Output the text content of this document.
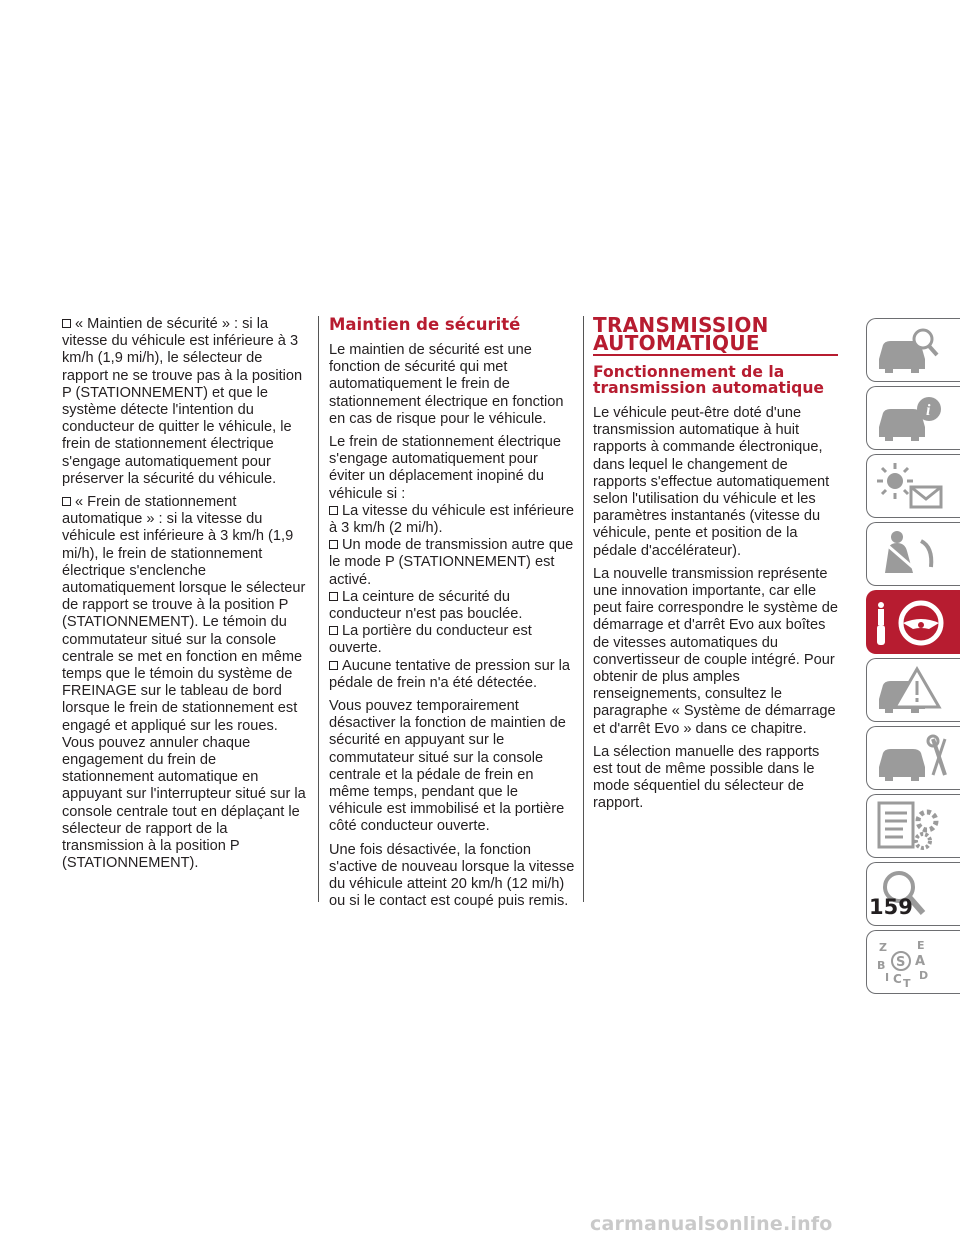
« Maintien de sécurité » : si la vitesse du véhicule est inférieure à 3 km/h (1,9 mi/h), le sélecteur de rapport ne se trouve pas à la position P (STATIONNEMENT) et que le système détecte l'intention du conducteur de quitter le véhicule, le frein de stationnement électrique s'engage automatiquement pour préserver la sécurité du véhicule.

« Frein de stationnement automatique » : si la vitesse du véhicule est inférieure à 3 km/h (1,9 mi/h), le frein de stationnement électrique s'enclenche automatiquement lorsque le sélecteur de rapport se trouve à la position P (STATIONNEMENT). Le témoin du commutateur situé sur la console centrale se met en fonction en même temps que le témoin du système de FREINAGE sur le tableau de bord lorsque le frein de stationnement est engagé et appliqué sur les roues. Vous pouvez annuler chaque engagement du frein de stationnement automatique en appuyant sur l'interrupteur situé sur la console centrale tout en déplaçant le sélecteur de rapport de la transmission à la position P (STATIONNEMENT).

Maintien de sécurité

Le maintien de sécurité est une fonction de sécurité qui met automatiquement le frein de stationnement électrique en fonction en cas de risque pour le véhicule.

Le frein de stationnement électrique s'engage automatiquement pour éviter un déplacement inopiné du véhicule si :

La vitesse du véhicule est inférieure à 3 km/h (2 mi/h).

Un mode de transmission autre que le mode P (STATIONNEMENT) est activé.

La ceinture de sécurité du conducteur n'est pas bouclée.

La portière du conducteur est ouverte.

Aucune tentative de pression sur la pédale de frein n'a été détectée.

Vous pouvez temporairement désactiver la fonction de maintien de sécurité en appuyant sur le commutateur situé sur la console centrale et la pédale de frein en même temps, pendant que le véhicule est immobilisé et la portière côté conducteur ouverte.

Une fois désactivée, la fonction s'active de nouveau lorsque la vitesse du véhicule atteint 20 km/h (12 mi/h) ou si le contact est coupé puis remis.

TRANSMISSION
AUTOMATIQUE
Fonctionnement de la transmission automatique

Le véhicule peut-être doté d'une transmission automatique à huit rapports à commande électronique, dans lequel le changement de rapports s'effectue automatiquement selon l'utilisation du véhicule et les paramètres instantanés (vitesse du véhicule, pente et position de la pédale d'accélérateur).

La nouvelle transmission représente une innovation importante, car elle peut faire correspondre le système de démarrage et d'arrêt Evo aux boîtes de vitesses automatiques du convertisseur de couple intégré. Pour obtenir de plus amples renseignements, consultez le paragraphe « Système de démarrage et d'arrêt Evo » dans ce chapitre.

La sélection manuelle des rapports est tout de même possible dans le mode séquentiel du sélecteur de rapport.

i
Z	E
B S A
I C T
D
159
carmanualsonline.info
